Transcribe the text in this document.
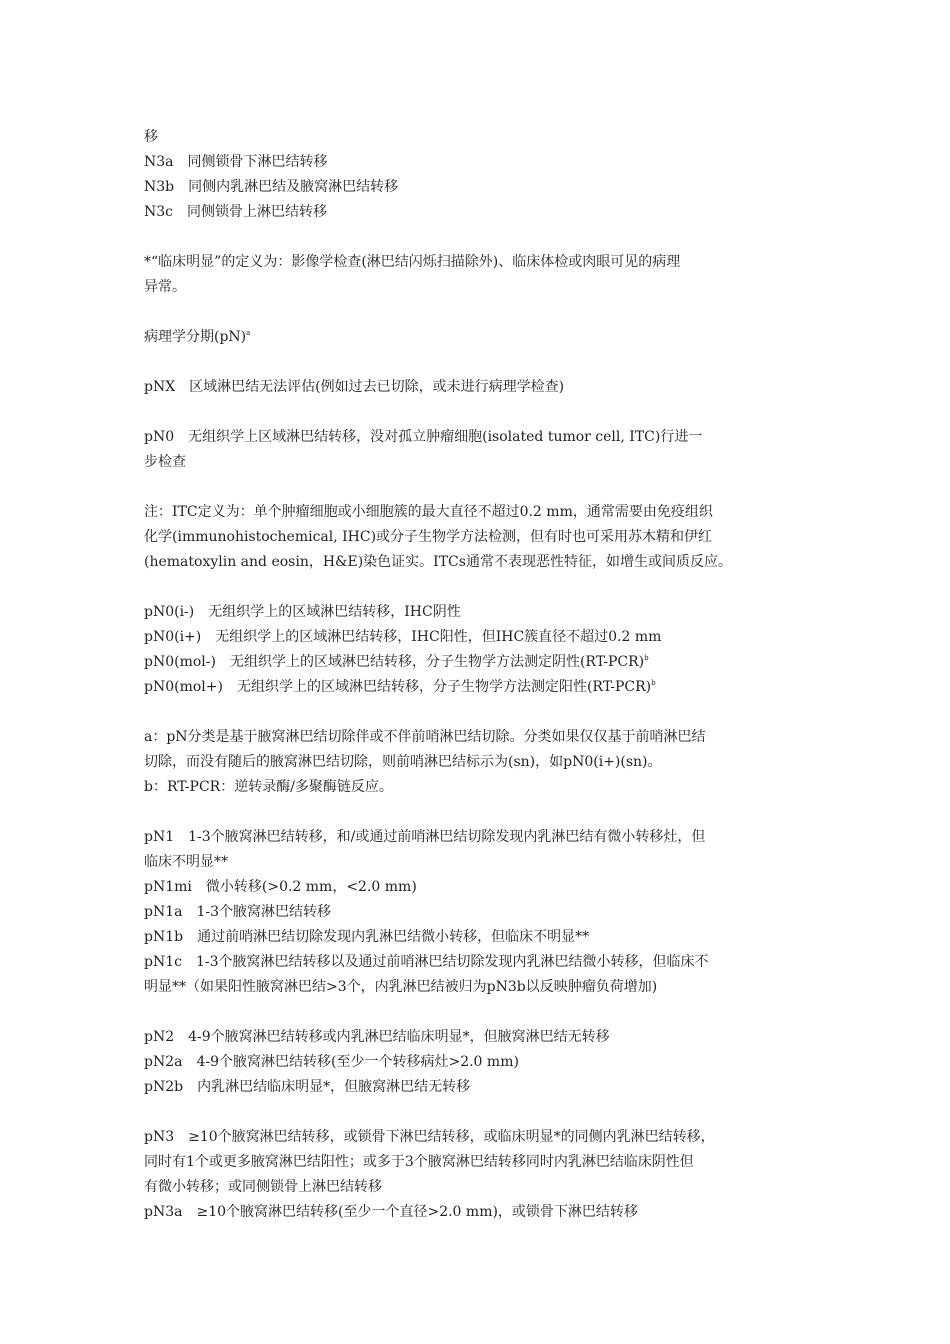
移
N3a　同侧锁骨下淋巴结转移
N3b　同侧内乳淋巴结及腋窝淋巴结转移
N3c　同侧锁骨上淋巴结转移
*“临床明显”的定义为：影像学检查(淋巴结闪烁扫描除外)、临床体检或肉眼可见的病理
异常。
病理学分期(pN)$^a$
pNX　区域淋巴结无法评估(例如过去已切除，或未进行病理学检查)
pN0　无组织学上区域淋巴结转移，没对孤立肿瘤细胞(isolated tumor cell, ITC)行进一
步检查
注：ITC定义为：单个肿瘤细胞或小细胞簇的最大直径不超过0.2 mm，通常需要由免疫组织
化学(immunohistochemical, IHC)或分子生物学方法检测，但有时也可采用苏木精和伊红
(hematoxylin and eosin，H&E)染色证实。ITCs通常不表现恶性特征，如增生或间质反应。
pN0(i-)　无组织学上的区域淋巴结转移，IHC阴性
pN0(i+)　无组织学上的区域淋巴结转移，IHC阳性，但IHC簇直径不超过0.2 mm
pN0(mol-)　无组织学上的区域淋巴结转移，分子生物学方法测定阴性$(RT-PCR)^b$
pN0(mol+)　无组织学上的区域淋巴结转移，分子生物学方法测定阳性$(RT-PCR)^b$
a：pN分类是基于腋窝淋巴结切除伴或不伴前哨淋巴结切除。分类如果仅仅基于前哨淋巴结
切除，而没有随后的腋窝淋巴结切除，则前哨淋巴结标示为(sn)，如pN0(i+)(sn)。
b：RT-PCR：逆转录酶/多聚酶链反应。
pN1　1-3个腋窝淋巴结转移，和/或通过前哨淋巴结切除发现内乳淋巴结有微小转移灶，但
临床不明显**
pN1mi　微小转移(>0.2 mm，<2.0 mm)
pN1a　1-3个腋窝淋巴结转移
pN1b　通过前哨淋巴结切除发现内乳淋巴结微小转移，但临床不明显**
pN1c　1-3个腋窝淋巴结转移以及通过前哨淋巴结切除发现内乳淋巴结微小转移，但临床不
明显**（如果阳性腋窝淋巴结>3个，内乳淋巴结被归为pN3b以反映肿瘤负荷增加)
pN2　4-9个腋窝淋巴结转移或内乳淋巴结临床明显*，但腋窝淋巴结无转移
pN2a　4-9个腋窝淋巴结转移(至少一个转移病灶>2.0 mm)
pN2b　内乳淋巴结临床明显*，但腋窝淋巴结无转移
pN3　≥10个腋窝淋巴结转移，或锁骨下淋巴结转移，或临床明显*的同侧内乳淋巴结转移，
同时有1个或更多腋窝淋巴结阳性；或多于3个腋窝淋巴结转移同时内乳淋巴结临床阴性但
有微小转移；或同侧锁骨上淋巴结转移
pN3a　≥10个腋窝淋巴结转移(至少一个直径>2.0 mm)，或锁骨下淋巴结转移
